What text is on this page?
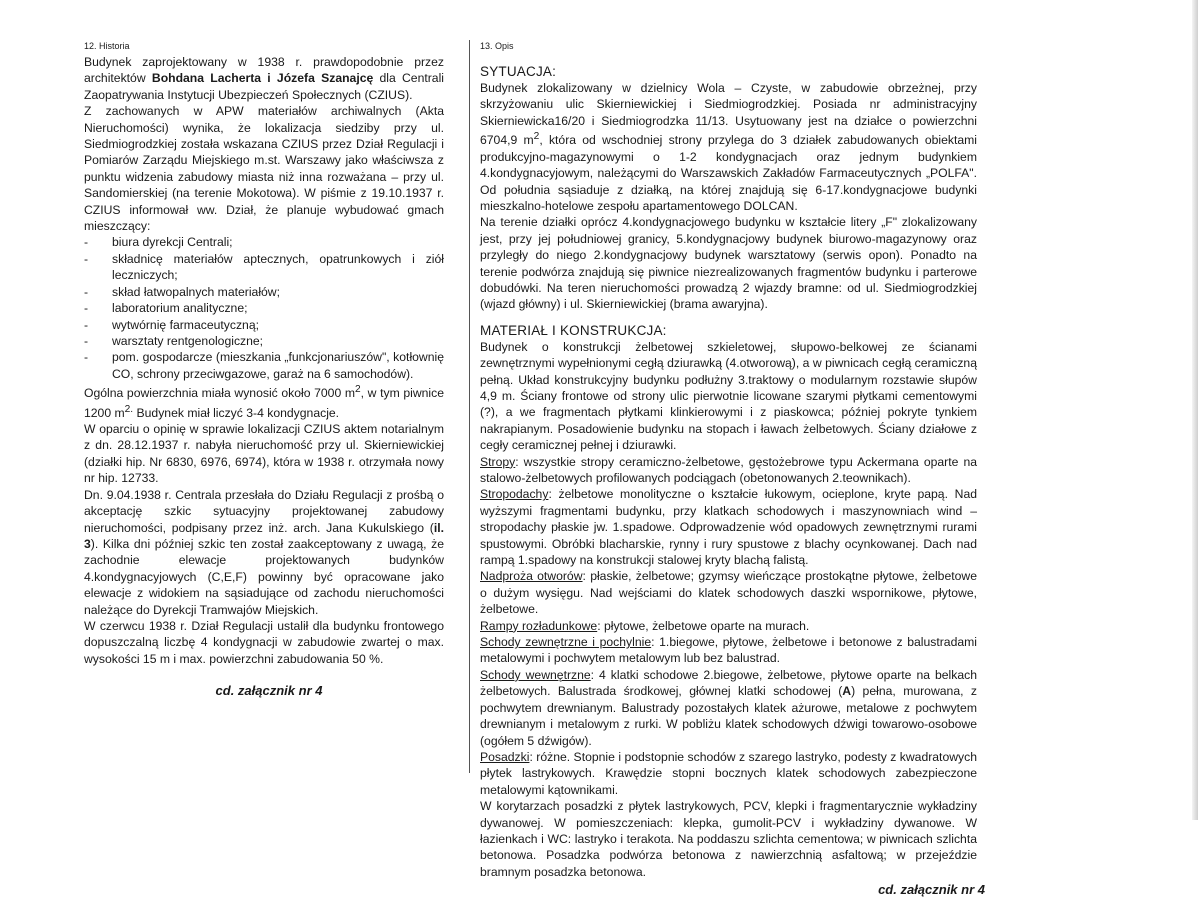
12. Historia

Budynek zaprojektowany w 1938 r. prawdopodobnie przez architektów Bohdana Lacherta i Józefa Szanajcę dla Centrali Zaopatrywania Instytucji Ubezpieczeń Społecznych (CZIUS).

Z zachowanych w APW materiałów archiwalnych (Akta Nieruchomości) wynika, że lokalizacja siedziby przy ul. Siedmiogrodzkiej została wskazana CZIUS przez Dział Regulacji i Pomiarów Zarządu Miejskiego m.st. Warszawy jako właściwsza z punktu widzenia zabudowy miasta niż inna rozważana – przy ul. Sandomierskiej (na terenie Mokotowa). W piśmie z 19.10.1937 r. CZIUS informował ww. Dział, że planuje wybudować gmach mieszczący:

- biura dyrekcji Centrali;
- składnicę materiałów aptecznych, opatrunkowych i ziół leczniczych;
- skład łatwopalnych materiałów;
- laboratorium analityczne;
- wytwórnię farmaceutyczną;
- warsztaty rentgenologiczne;
- pom. gospodarcze (mieszkania „funkcjonariuszów", kotłownię CO, schrony przeciwgazowe, garaż na 6 samochodów).

Ogólna powierzchnia miała wynosić około 7000 $m^2$, w tym piwnice 1200 $m^{2.}$ Budynek miał liczyć 3-4 kondygnacje.

W oparciu o opinię w sprawie lokalizacji CZIUS aktem notarialnym z dn. 28.12.1937 r. nabyła nieruchomość przy ul. Skierniewickiej (działki hip. Nr 6830, 6976, 6974), która w 1938 r. otrzymała nowy nr hip. 12733.

Dn. 9.04.1938 r. Centrala przesłała do Działu Regulacji z prośbą o akceptację szkic sytuacyjny projektowanej zabudowy nieruchomości, podpisany przez inż. arch. Jana Kukulskiego (il. 3). Kilka dni później szkic ten został zaakceptowany z uwagą, że zachodnie elewacje projektowanych budynków 4.kondygnacyjowych (C,E,F) powinny być opracowane jako elewacje z widokiem na sąsiadujące od zachodu nieruchomości należące do Dyrekcji Tramwajów Miejskich.

W czerwcu 1938 r. Dział Regulacji ustalił dla budynku frontowego dopuszczalną liczbę 4 kondygnacji w zabudowie zwartej o max. wysokości 15 m i max. powierzchni zabudowania 50 %.

cd. załącznik nr 4
13. Opis
SYTUACJA:

Budynek zlokalizowany w dzielnicy Wola – Czyste, w zabudowie obrzeżnej, przy skrzyżowaniu ulic Skierniewickiej i Siedmiogrodzkiej. Posiada nr administracyjny Skierniewicka16/20 i Siedmiogrodzka 11/13. Usytuowany jest na działce o powierzchni 6704,9 $m^2$, która od wschodniej strony przylega do 3 działek zabudowanych obiektami produkcyjno-magazynowymi o 1-2 kondygnacjach oraz jednym budynkiem 4.kondygnacyjowym, należącymi do Warszawskich Zakładów Farmaceutycznych „POLFA". Od południa sąsiaduje z działką, na której znajdują się 6-17.kondygnacjowe budynki mieszkalno-hotelowe zespołu apartamentowego DOLCAN.

Na terenie działki oprócz 4.kondygnacjowego budynku w kształcie litery „F" zlokalizowany jest, przy jej południowej granicy, 5.kondygnacjowy budynek biurowo-magazynowy oraz przyległy do niego 2.kondygnacjowy budynek warsztatowy (serwis opon). Ponadto na terenie podwórza znajdują się piwnice niezrealizowanych fragmentów budynku i parterowe dobudówki. Na teren nieruchomości prowadzą 2 wjazdy bramne: od ul. Siedmiogrodzkiej (wjazd główny) i ul. Skierniewickiej (brama awaryjna).

MATERIAŁ I KONSTRUKCJA:

Budynek o konstrukcji żelbetowej szkieletowej, słupowo-belkowej ze ścianami zewnętrznymi wypełnionymi cegłą dziurawką (4.otworową), a w piwnicach cegłą ceramiczną pełną. Układ konstrukcyjny budynku podłużny 3.traktowy o modularnym rozstawie słupów 4,9 m. Ściany frontowe od strony ulic pierwotnie licowane szarymi płytkami cementowymi (?), a we fragmentach płytkami klinkierowymi i z piaskowca; później pokryte tynkiem nakrapianym. Posadowienie budynku na stopach i ławach żelbetowych. Ściany działowe z cegły ceramicznej pełnej i dziurawki.

Stropy: wszystkie stropy ceramiczno-żelbetowe, gęstożebrowe typu Ackermana oparte na stalowo-żelbetowych profilowanych podciągach (obetonowanych 2.teownikach).

Stropodachy: żelbetowe monolityczne o kształcie łukowym, ocieplone, kryte papą. Nad wyższymi fragmentami budynku, przy klatkach schodowych i maszynowniach wind – stropodachy płaskie jw. 1.spadowe. Odprowadzenie wód opadowych zewnętrznymi rurami spustowymi. Obróbki blacharskie, rynny i rury spustowe z blachy ocynkowanej. Dach nad rampą 1.spadowy na konstrukcji stalowej kryty blachą falistą.

Nadproża otworów: płaskie, żelbetowe; gzymsy wieńczące prostokątne płytowe, żelbetowe o dużym wysięgu. Nad wejściami do klatek schodowych daszki wspornikowe, płytowe, żelbetowe.

Rampy rozładunkowe: płytowe, żelbetowe oparte na murach.

Schody zewnętrzne i pochylnie: 1.biegowe, płytowe, żelbetowe i betonowe z balustradami metalowymi i pochwytem metalowym lub bez balustrad.

Schody wewnętrzne: 4 klatki schodowe 2.biegowe, żelbetowe, płytowe oparte na belkach żelbetowych. Balustrada środkowej, głównej klatki schodowej (A) pełna, murowana, z pochwytem drewnianym. Balustrady pozostałych klatek ażurowe, metalowe z pochwytem drewnianym i metalowym z rurki. W pobliżu klatek schodowych dźwigi towarowo-osobowe (ogółem 5 dźwigów).

Posadzki: różne. Stopnie i podstopnie schodów z szarego lastryko, podesty z kwadratowych płytek lastrykowych. Krawędzie stopni bocznych klatek schodowych zabezpieczone metalowymi kątownikami.

W korytarzach posadzki z płytek lastrykowych, PCV, klepki i fragmentarycznie wykładziny dywanowej. W pomieszczeniach: klepka, gumolit-PCV i wykładziny dywanowe. W łazienkach i WC: lastryko i terakota. Na poddaszu szlichta cementowa; w piwnicach szlichta betonowa. Posadzka podwórza betonowa z nawierzchnią asfaltową; w przejeździe bramnym posadzka betonowa.

cd. załącznik nr 4
